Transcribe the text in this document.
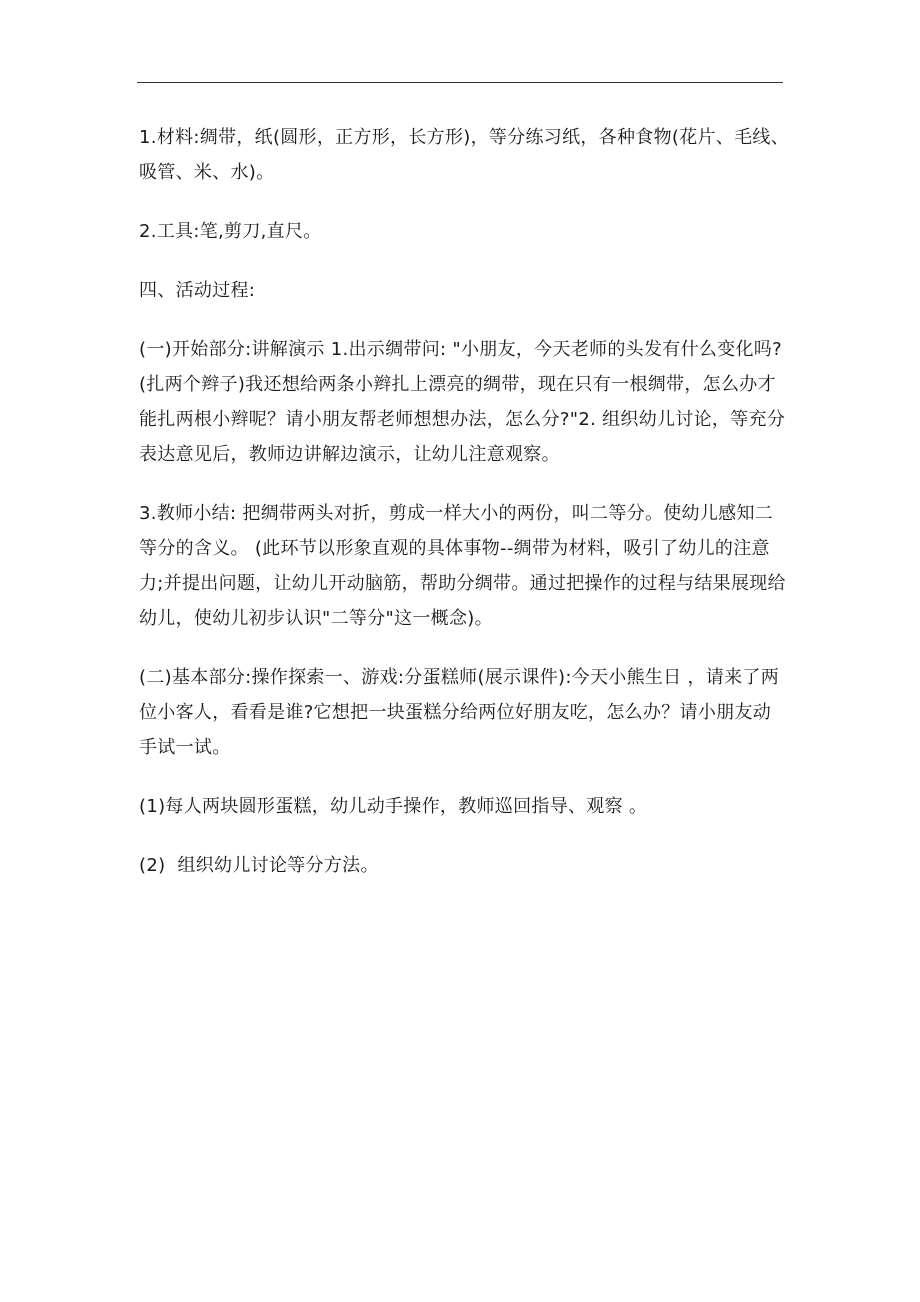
1.材料:绸带，纸(圆形，正方形，长方形)，等分练习纸，各种食物(花片、毛线、吸管、米、水)。

2.工具:笔,剪刀,直尺。

四、活动过程:

(一)开始部分:讲解演示 1.出示绸带问: "小朋友，今天老师的头发有什么变化吗?(扎两个辫子)我还想给两条小辫扎上漂亮的绸带，现在只有一根绸带，怎么办才能扎两根小辫呢？请小朋友帮老师想想办法，怎么分?"2. 组织幼儿讨论，等充分表达意见后，教师边讲解边演示，让幼儿注意观察。

3.教师小结: 把绸带两头对折，剪成一样大小的两份，叫二等分。使幼儿感知二等分的含义。 (此环节以形象直观的具体事物--绸带为材料，吸引了幼儿的注意力;并提出问题，让幼儿开动脑筋，帮助分绸带。通过把操作的过程与结果展现给幼儿，使幼儿初步认识"二等分"这一概念)。

(二)基本部分:操作探索一、游戏:分蛋糕师(展示课件):今天小熊生日 ，请来了两位小客人，看看是谁?它想把一块蛋糕分给两位好朋友吃，怎么办？请小朋友动手试一试。

(1)每人两块圆形蛋糕，幼儿动手操作，教师巡回指导、观察 。

(2)  组织幼儿讨论等分方法。
